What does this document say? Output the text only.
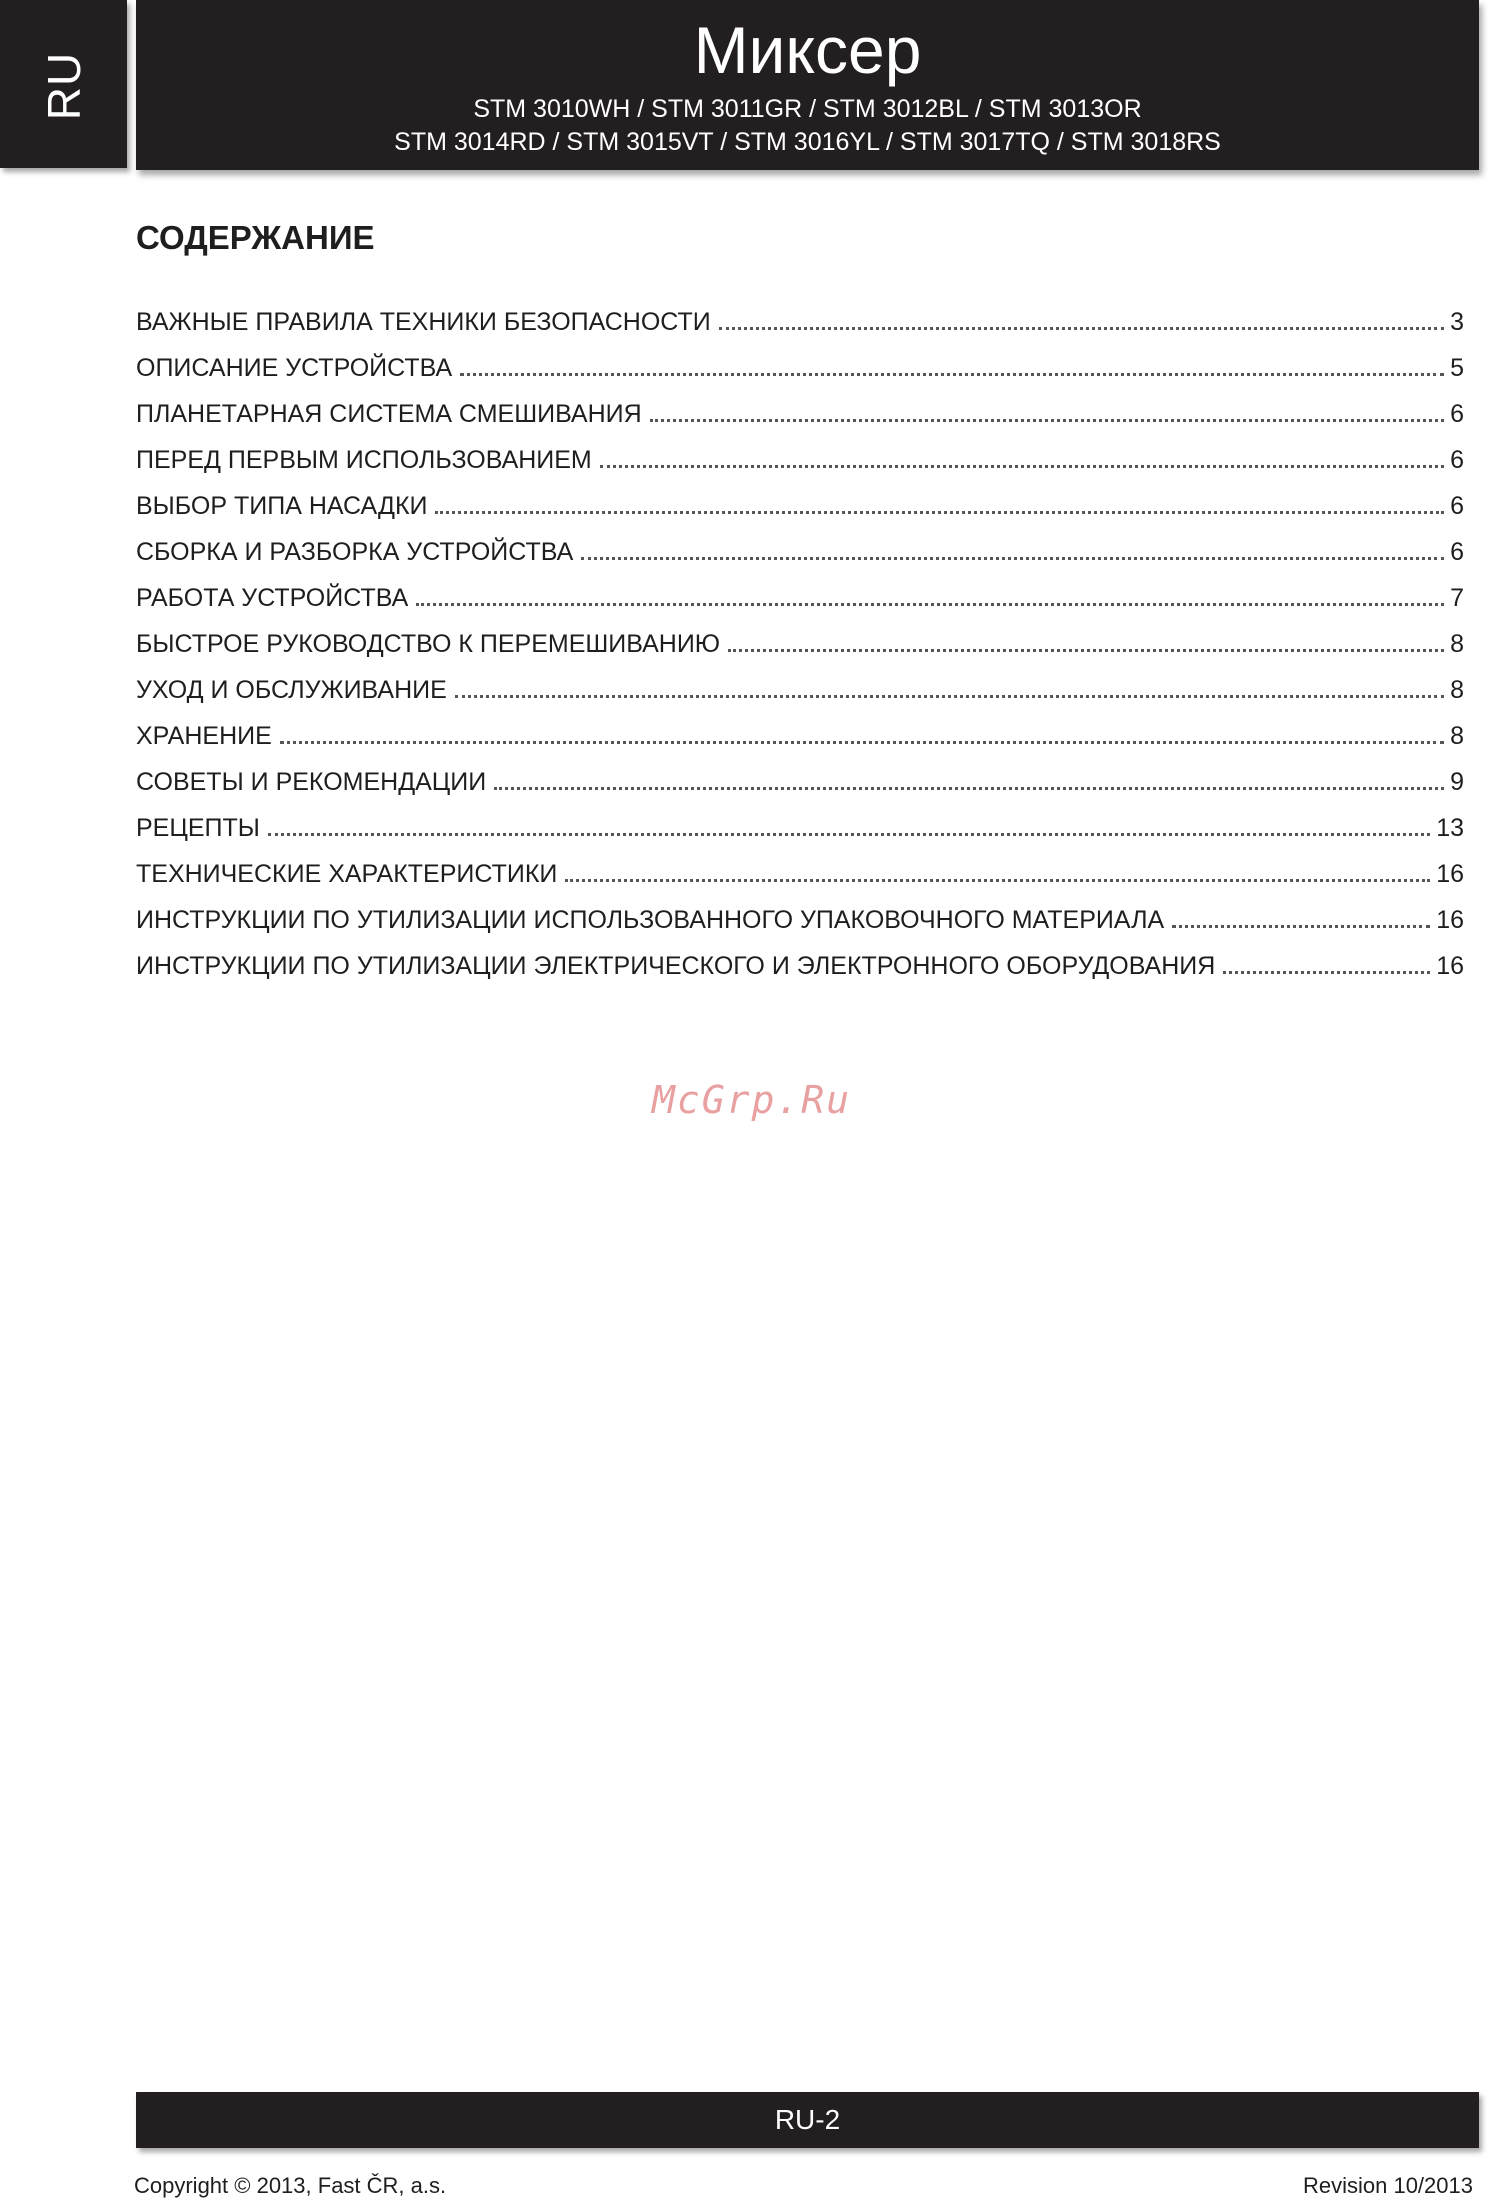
RU	Миксер
STM 3010WH / STM 3011GR / STM 3012BL / STM 3013OR
STM 3014RD / STM 3015VT / STM 3016YL / STM 3017TQ / STM 3018RS
СОДЕРЖАНИЕ
ВАЖНЫЕ ПРАВИЛА ТЕХНИКИ БЕЗОПАСНОСТИ	3
ОПИСАНИЕ УСТРОЙСТВА	5
ПЛАНЕТАРНАЯ СИСТЕМА СМЕШИВАНИЯ	6
ПЕРЕД ПЕРВЫМ ИСПОЛЬЗОВАНИЕМ	6
ВЫБОР ТИПА НАСАДКИ	6
СБОРКА И РАЗБОРКА УСТРОЙСТВА	6
РАБОТА УСТРОЙСТВА	7
БЫСТРОЕ РУКОВОДСТВО К ПЕРЕМЕШИВАНИЮ	8
УХОД И ОБСЛУЖИВАНИЕ	8
ХРАНЕНИЕ	8
СОВЕТЫ И РЕКОМЕНДАЦИИ	9
РЕЦЕПТЫ	13
ТЕХНИЧЕСКИЕ ХАРАКТЕРИСТИКИ	16
ИНСТРУКЦИИ ПО УТИЛИЗАЦИИ ИСПОЛЬЗОВАННОГО УПАКОВОЧНОГО МАТЕРИАЛА	16
ИНСТРУКЦИИ ПО УТИЛИЗАЦИИ ЭЛЕКТРИЧЕСКОГО И ЭЛЕКТРОННОГО ОБОРУДОВАНИЯ	16
McGrp.Ru
RU-2
Copyright © 2013, Fast ČR, a.s.	Revision 10/2013
